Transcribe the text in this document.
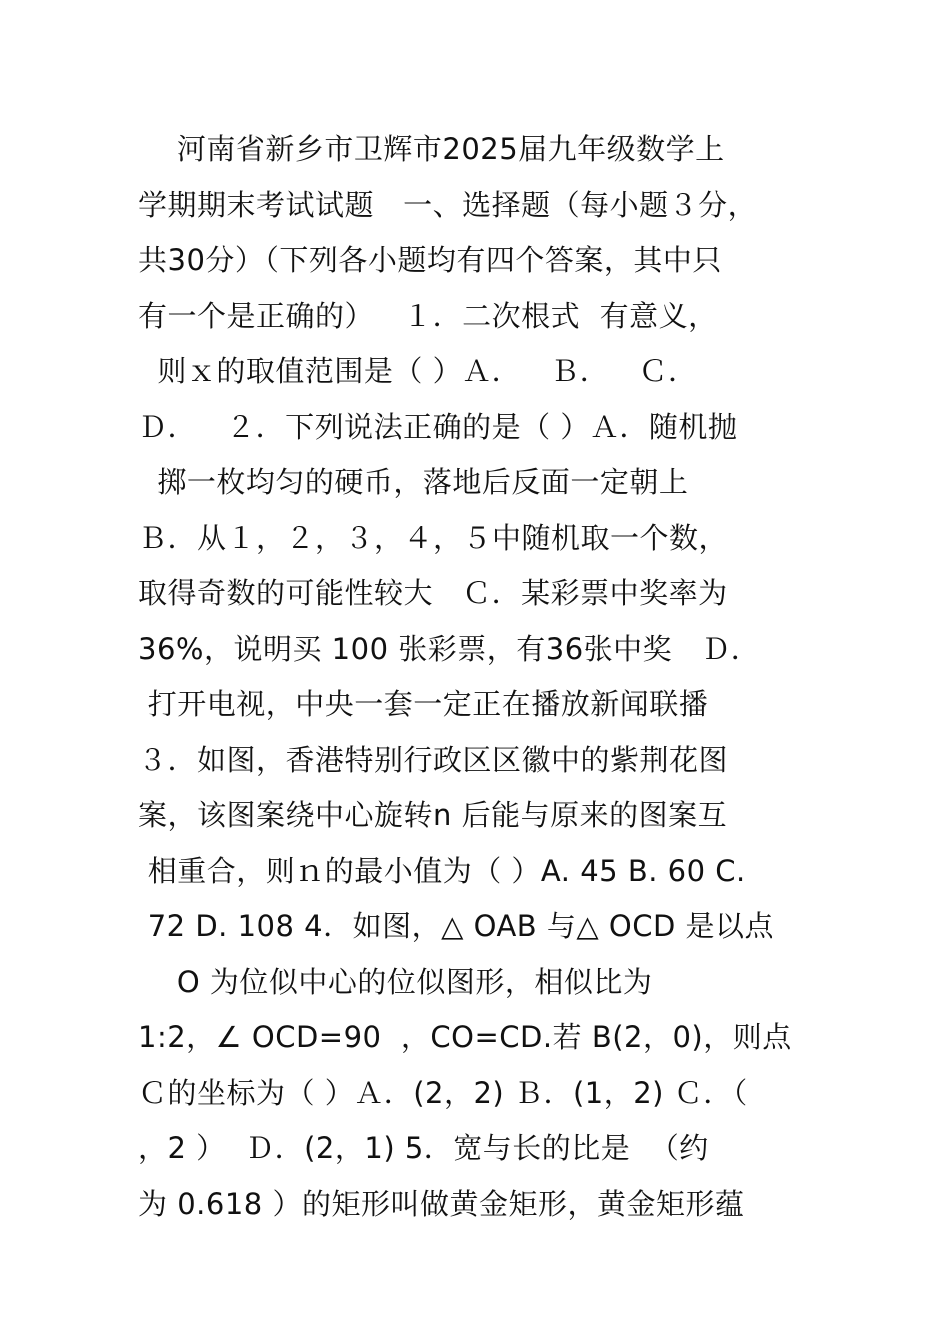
河南省新乡市卫辉市2025届九年级数学上
学期期末考试试题   一、选择题（每小题３分，
共30分）（下列各小题均有四个答案，其中只
有一个是正确的）   １．二次根式  有意义，
则ｘ的取值范围是（ ）Ａ．   Ｂ．   Ｃ．
Ｄ．   ２．下列说法正确的是（ ）Ａ．随机抛
掷一枚均匀的硬币，落地后反面一定朝上
Ｂ．从１，２，３，４，５中随机取一个数，
取得奇数的可能性较大   Ｃ．某彩票中奖率为
36%，说明买 100 张彩票，有36张中奖   Ｄ．
打开电视，中央一套一定正在播放新闻联播
３．如图，香港特别行政区区徽中的紫荆花图
案，该图案绕中心旋转n 后能与原来的图案互
相重合，则ｎ的最小值为（ ）A. 45 B. 60 C.
72 D. 108 4．如图，△ OAB 与△ OCD 是以点
O 为位似中心的位似图形，相似比为
1:2，∠ OCD=90  ，CO=CD.若 B(2，0)，则点
Ｃ的坐标为（ ）Ａ．(2，2) Ｂ．(1，2) Ｃ．（
，2 ）  Ｄ．(2，1) 5．宽与长的比是  （约
为 0.618 ）的矩形叫做黄金矩形，黄金矩形蕴
